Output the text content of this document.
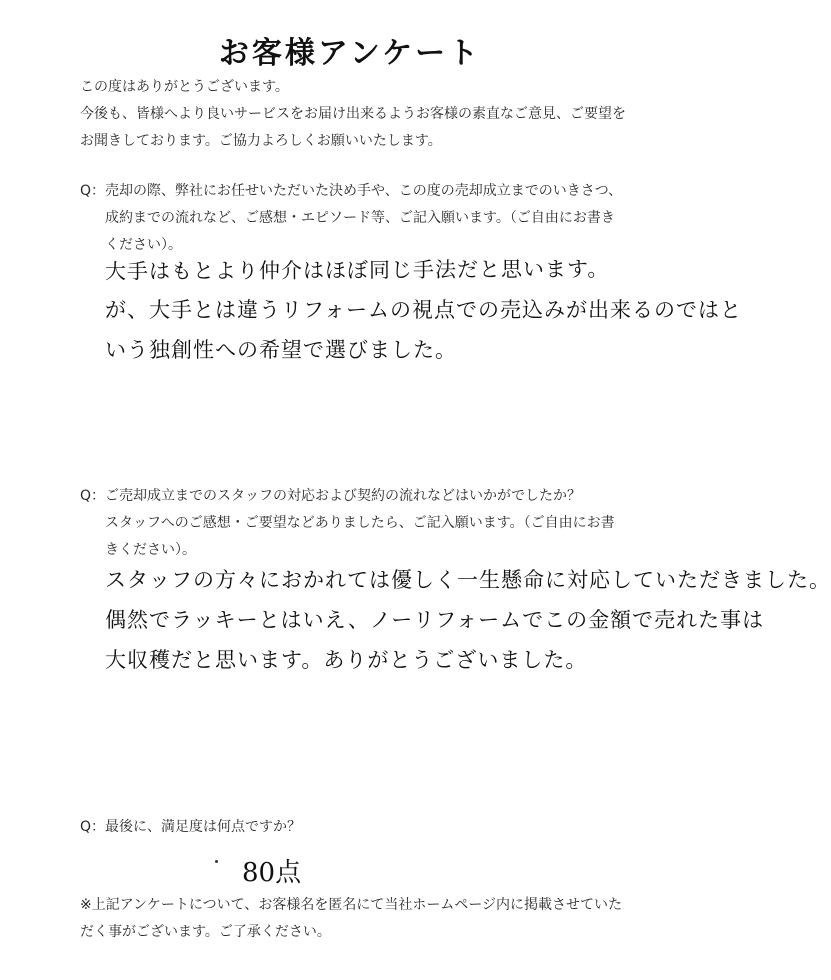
お客様アンケート
この度はありがとうございます。
今後も、皆様へより良いサービスをお届け出来るようお客様の素直なご意見、ご要望を
お聞きしております。ご協力よろしくお願いいたします。
Q：売却の際、弊社にお任せいただいた決め手や、この度の売却成立までのいきさつ、
成約までの流れなど、ご感想・エピソード等、ご記入願います。（ご自由にお書き
ください）。
大手はもとより仲介はほぼ同じ手法だと思います。
が、大手とは違うリフォームの視点での売込みが出来るのではと
いう独創性への希望で選びました。
Q：ご売却成立までのスタッフの対応および契約の流れなどはいかがでしたか？
スタッフへのご感想・ご要望などありましたら、ご記入願います。（ご自由にお書
きください）。
スタッフの方々におかれては優しく一生懸命に対応していただきました。
偶然でラッキーとはいえ、ノーリフォームでこの金額で売れた事は
大収穫だと思います。ありがとうございました。
Q：最後に、満足度は何点ですか？
80点
※上記アンケートについて、お客様名を匿名にて当社ホームページ内に掲載させていた
だく事がございます。ご了承ください。
